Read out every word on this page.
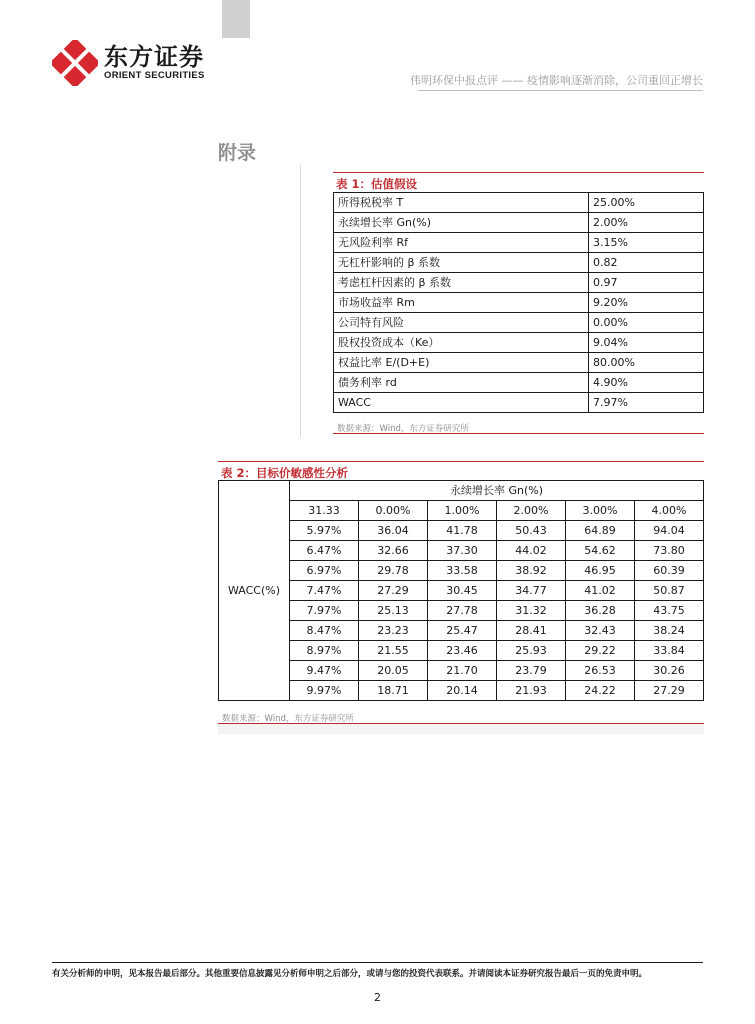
东方证券
ORIENT SECURITIES	伟明环保中报点评 —— 疫情影响逐渐消除，公司重回正增长
附录
表 1：估值假设
所得税税率 T	25.00%
永续增长率 Gn(%)	2.00%
无风险利率 Rf	3.15%
无杠杆影响的 β 系数	0.82
考虑杠杆因素的 β 系数	0.97
市场收益率 Rm	9.20%
公司特有风险	0.00%
股权投资成本（Ke）	9.04%
权益比率 E/(D+E)	80.00%
债务利率 rd	4.90%
WACC	7.97%
数据来源：Wind，东方证券研究所
表 2：目标价敏感性分析
WACC(%)	永续增长率 Gn(%)					
	31.33	0.00%	1.00%	2.00%	3.00%	4.00%
	5.97%	36.04	41.78	50.43	64.89	94.04
	6.47%	32.66	37.30	44.02	54.62	73.80
	6.97%	29.78	33.58	38.92	46.95	60.39
	7.47%	27.29	30.45	34.77	41.02	50.87
	7.97%	25.13	27.78	31.32	36.28	43.75
	8.47%	23.23	25.47	28.41	32.43	38.24
	8.97%	21.55	23.46	25.93	29.22	33.84
	9.47%	20.05	21.70	23.79	26.53	30.26
	9.97%	18.71	20.14	21.93	24.22	27.29
数据来源：Wind，东方证券研究所
有关分析师的申明，见本报告最后部分。其他重要信息披露见分析师申明之后部分，或请与您的投资代表联系。并请阅读本证券研究报告最后一页的免责申明。
2
